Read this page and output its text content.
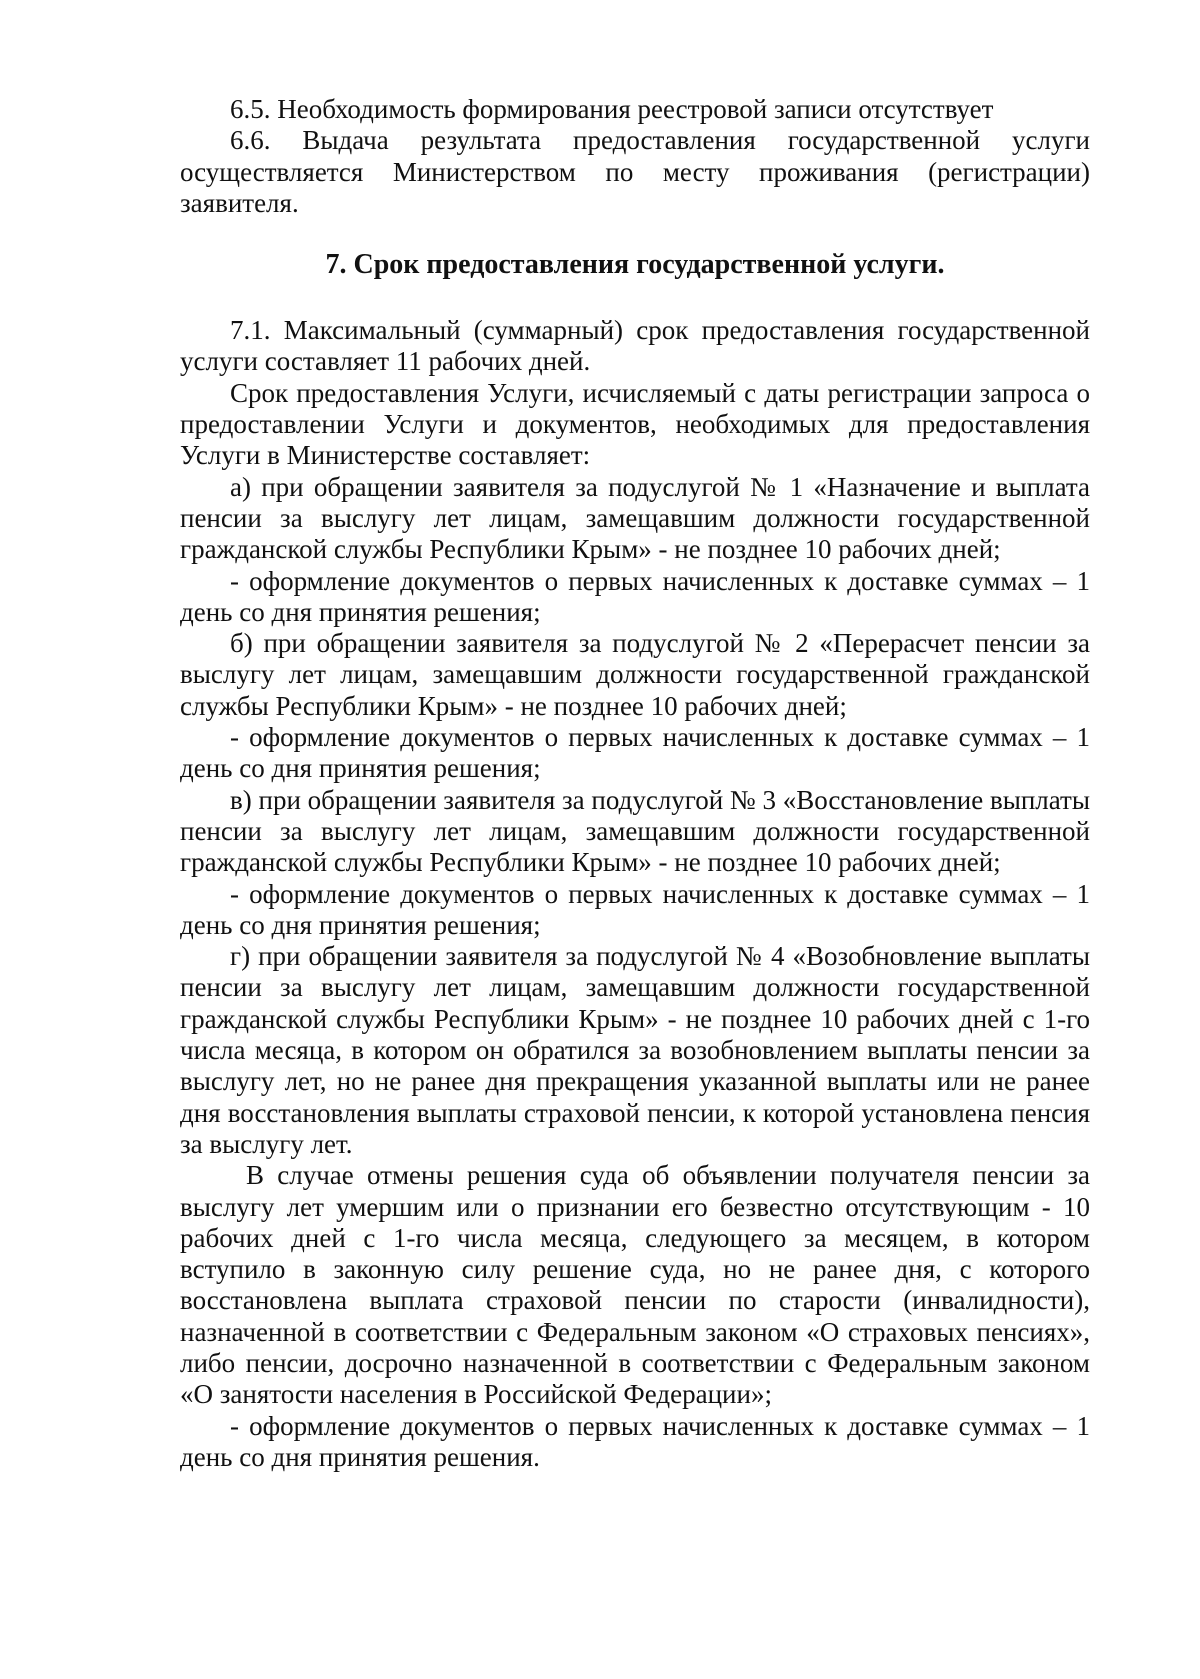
6.5. Необходимость формирования реестровой записи отсутствует

6.6. Выдача результата предоставления государственной услуги осуществляется Министерством по месту проживания (регистрации) заявителя.

7. Срок предоставления государственной услуги.

7.1. Максимальный (суммарный) срок предоставления государственной услуги составляет 11 рабочих дней.

Срок предоставления Услуги, исчисляемый с даты регистрации запроса о предоставлении Услуги и документов, необходимых для предоставления Услуги в Министерстве составляет:

а) при обращении заявителя за подуслугой № 1 «Назначение и выплата пенсии за выслугу лет лицам, замещавшим должности государственной гражданской службы Республики Крым» - не позднее 10 рабочих дней;

- оформление документов о первых начисленных к доставке суммах – 1 день со дня принятия решения;

б) при обращении заявителя за подуслугой № 2 «Перерасчет пенсии за выслугу лет лицам, замещавшим должности государственной гражданской службы Республики Крым» - не позднее 10 рабочих дней;

- оформление документов о первых начисленных к доставке суммах – 1 день со дня принятия решения;

в) при обращении заявителя за подуслугой № 3 «Восстановление выплаты пенсии за выслугу лет лицам, замещавшим должности государственной гражданской службы Республики Крым» - не позднее 10 рабочих дней;

- оформление документов о первых начисленных к доставке суммах – 1 день со дня принятия решения;

г) при обращении заявителя за подуслугой № 4 «Возобновление выплаты пенсии за выслугу лет лицам, замещавшим должности государственной гражданской службы Республики Крым» - не позднее 10 рабочих дней с 1-го числа месяца, в котором он обратился за возобновлением выплаты пенсии за выслугу лет, но не ранее дня прекращения указанной выплаты или не ранее дня восстановления выплаты страховой пенсии, к которой установлена пенсия за выслугу лет.

В случае отмены решения суда об объявлении получателя пенсии за выслугу лет умершим или о признании его безвестно отсутствующим - 10 рабочих дней с 1-го числа месяца, следующего за месяцем, в котором вступило в законную силу решение суда, но не ранее дня, с которого восстановлена выплата страховой пенсии по старости (инвалидности), назначенной в соответствии с Федеральным законом «О страховых пенсиях», либо пенсии, досрочно назначенной в соответствии с Федеральным законом «О занятости населения в Российской Федерации»;

- оформление документов о первых начисленных к доставке суммах – 1 день со дня принятия решения.
